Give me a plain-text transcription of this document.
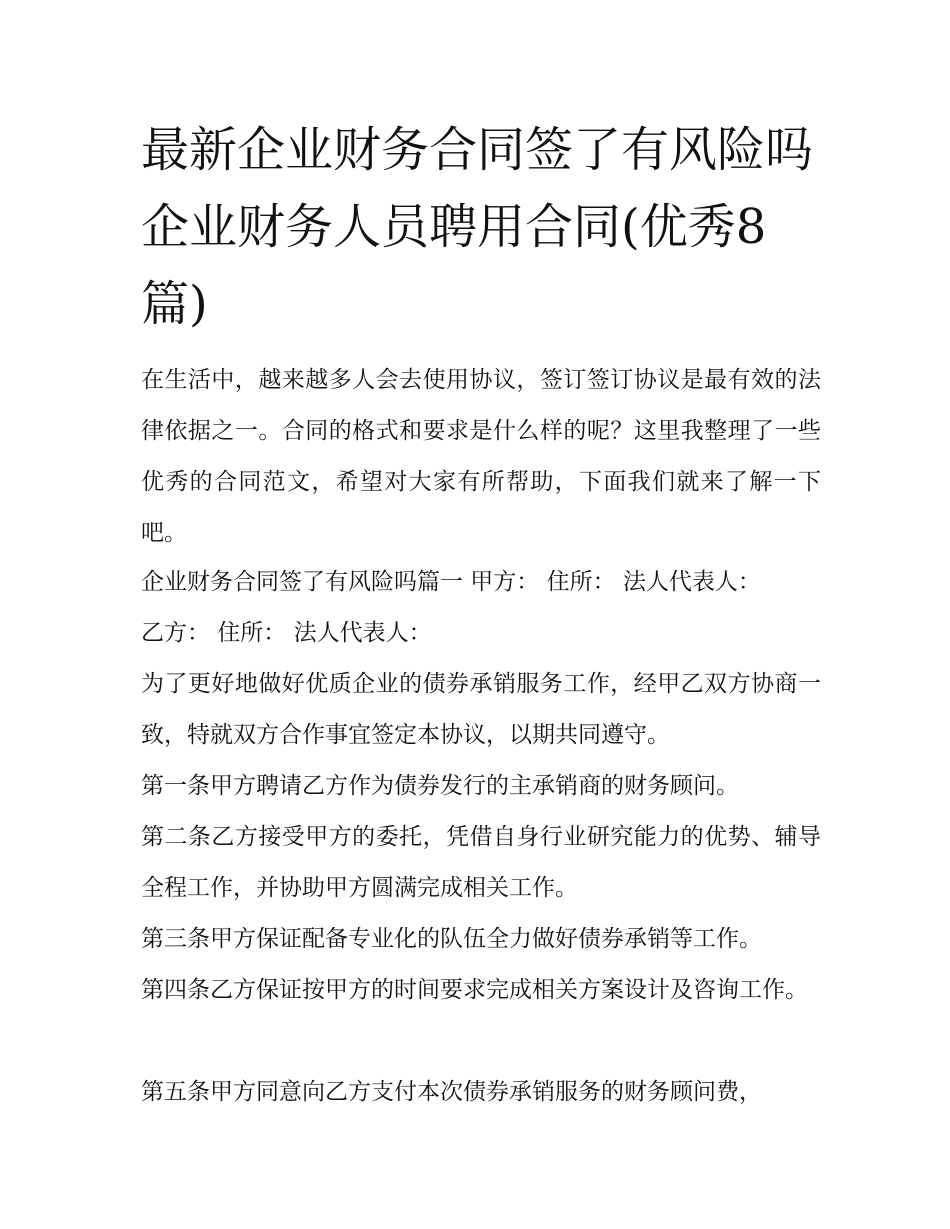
最新企业财务合同签了有风险吗 企业财务人员聘用合同(优秀8篇)

在生活中，越来越多人会去使用协议，签订签订协议是最有效的法律依据之一。合同的格式和要求是什么样的呢？这里我整理了一些优秀的合同范文，希望对大家有所帮助，下面我们就来了解一下吧。

企业财务合同签了有风险吗篇一 甲方： 住所： 法人代表人：

乙方： 住所： 法人代表人：

为了更好地做好优质企业的债券承销服务工作，经甲乙双方协商一致，特就双方合作事宜签定本协议，以期共同遵守。

第一条甲方聘请乙方作为债券发行的主承销商的财务顾问。

第二条乙方接受甲方的委托，凭借自身行业研究能力的优势、辅导全程工作，并协助甲方圆满完成相关工作。

第三条甲方保证配备专业化的队伍全力做好债券承销等工作。

第四条乙方保证按甲方的时间要求完成相关方案设计及咨询工作。

第五条甲方同意向乙方支付本次债券承销服务的财务顾问费，
